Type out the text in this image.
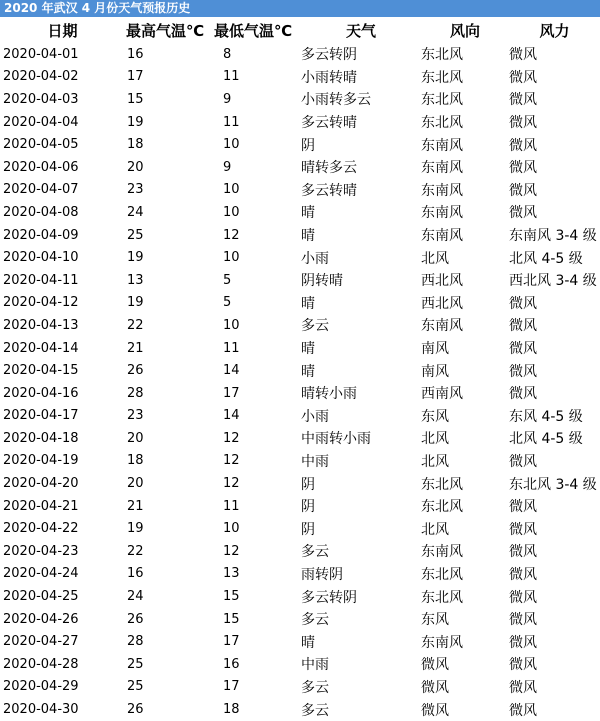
2020 年武汉 4 月份天气预报历史
日期	最高气温℃	最低气温℃	天气	风向	风力
2020-04-01	16	8	多云转阴	东北风	微风
2020-04-02	17	11	小雨转晴	东北风	微风
2020-04-03	15	9	小雨转多云	东北风	微风
2020-04-04	19	11	多云转晴	东北风	微风
2020-04-05	18	10	阴	东南风	微风
2020-04-06	20	9	晴转多云	东南风	微风
2020-04-07	23	10	多云转晴	东南风	微风
2020-04-08	24	10	晴	东南风	微风
2020-04-09	25	12	晴	东南风	东南风 3-4 级
2020-04-10	19	10	小雨	北风	北风 4-5 级
2020-04-11	13	5	阴转晴	西北风	西北风 3-4 级
2020-04-12	19	5	晴	西北风	微风
2020-04-13	22	10	多云	东南风	微风
2020-04-14	21	11	晴	南风	微风
2020-04-15	26	14	晴	南风	微风
2020-04-16	28	17	晴转小雨	西南风	微风
2020-04-17	23	14	小雨	东风	东风 4-5 级
2020-04-18	20	12	中雨转小雨	北风	北风 4-5 级
2020-04-19	18	12	中雨	北风	微风
2020-04-20	20	12	阴	东北风	东北风 3-4 级
2020-04-21	21	11	阴	东北风	微风
2020-04-22	19	10	阴	北风	微风
2020-04-23	22	12	多云	东南风	微风
2020-04-24	16	13	雨转阴	东北风	微风
2020-04-25	24	15	多云转阴	东北风	微风
2020-04-26	26	15	多云	东风	微风
2020-04-27	28	17	晴	东南风	微风
2020-04-28	25	16	中雨	微风	微风
2020-04-29	25	17	多云	微风	微风
2020-04-30	26	18	多云	微风	微风
